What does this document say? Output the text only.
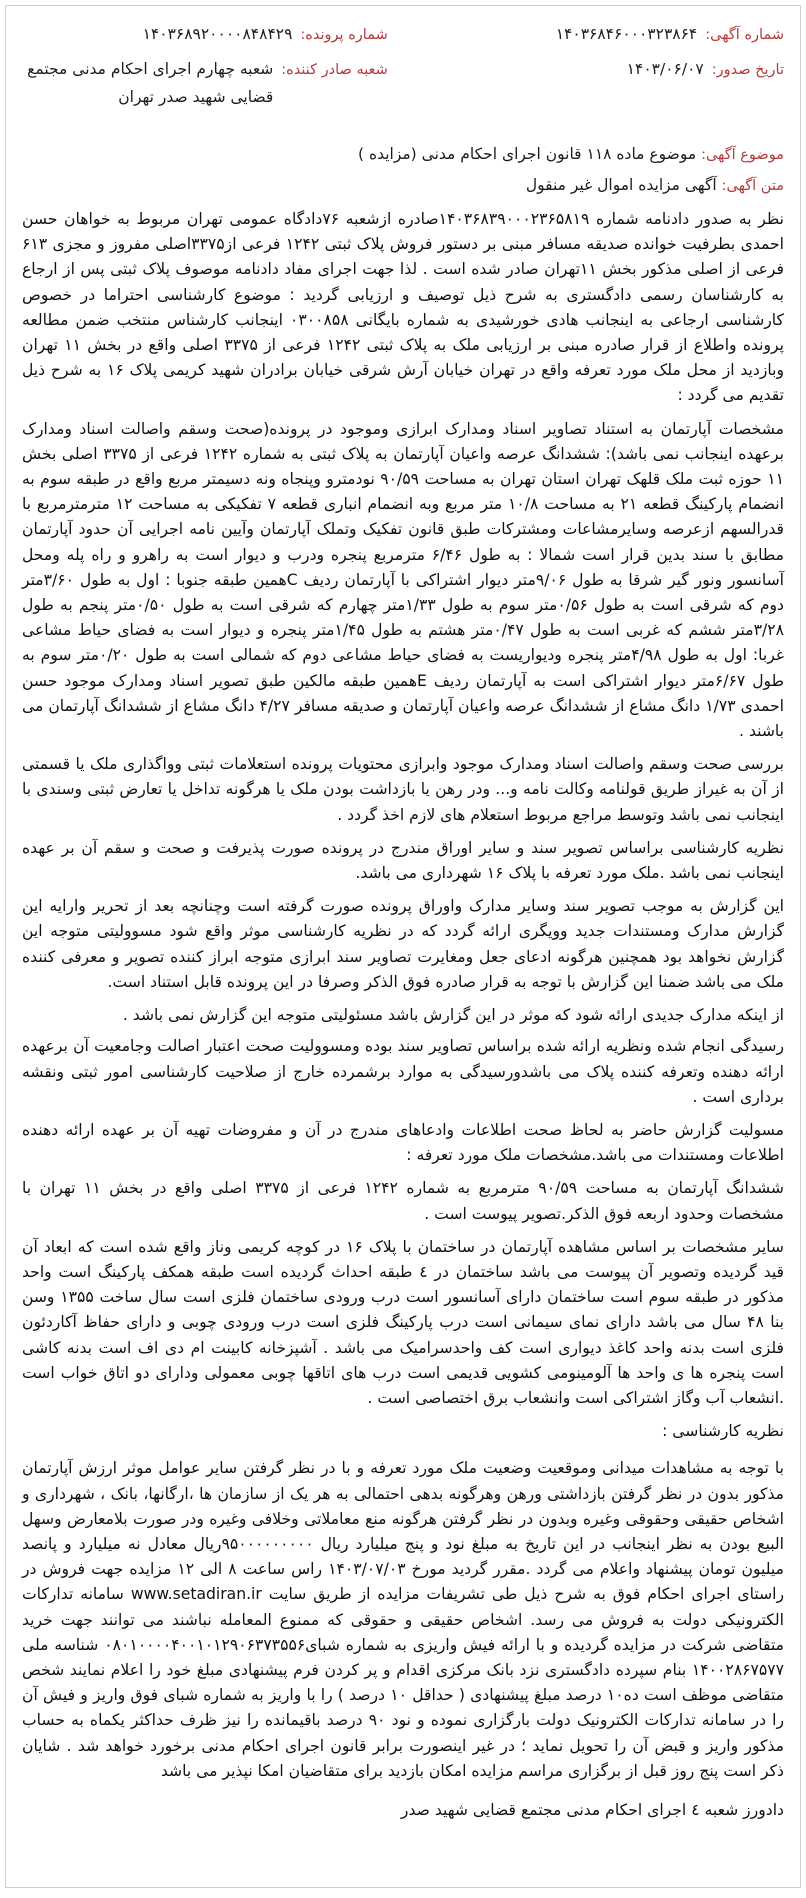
شماره آگهی:
۱۴۰۳۶۸۴۶۰۰۰۳۲۳۸۶۴
تاریخ صدور:
۱۴۰۳/۰۶/۰۷
شماره پرونده:
۱۴۰۳۶۸۹۲۰۰۰۰۸۴۸۴۲۹
شعبه صادر کننده:
شعبه چهارم اجرای احکام مدنی مجتمع قضایی شهید صدر تهران
موضوع آگهی: موضوع ماده ۱۱۸ قانون اجرای احکام مدنی (مزایده )
متن آگهی: آگهی مزایده اموال غیر منقول

نظر به صدور دادنامه شماره ۱۴۰۳۶۸۳۹۰۰۰۲۳۶۵۸۱۹صادره ازشعبه ۷۶دادگاه عمومی تهران مربوط به خواهان حسن احمدی بطرفیت خوانده صدیقه مسافر مبنی بر دستور فروش پلاک ثبتی ۱۲۴۲ فرعی از۳۳۷۵اصلی مفروز و مجزی ۶۱۳ فرعی از اصلی مذکور بخش ۱۱تهران صادر شده است . لذا جهت اجرای مفاد دادنامه موصوف پلاک ثبتی پس از ارجاع به کارشناسان رسمی دادگستری به شرح ذیل توصیف و ارزیابی گردید : موضوع کارشناسی احتراما در خصوص کارشناسی ارجاعی به اینجانب هادی خورشیدی به شماره بایگانی ۰۳۰۰۸۵۸ اینجانب کارشناس منتخب ضمن مطالعه پرونده واطلاع از قرار صادره مبنی بر ارزیابی ملک به پلاک ثبتی ۱۲۴۲ فرعی از ۳۳۷۵ اصلی واقع در بخش ۱۱ تهران وبازدید از محل ملک مورد تعرفه واقع در تهران خیابان آرش شرقی خیابان برادران شهید کریمی پلاک ۱۶ به شرح ذیل تقدیم می گردد :

مشخصات آپارتمان به استناد تصاویر اسناد ومدارک ابرازی وموجود در پرونده(صحت وسقم واصالت اسناد ومدارک برعهده اینجانب نمی باشد): ششدانگ عرصه واعیان آپارتمان به پلاک ثبتی به شماره ۱۲۴۲ فرعی از ۳۳۷۵ اصلی بخش ۱۱ حوزه ثبت ملک قلهک تهران استان تهران به مساحت ۹۰/۵۹ نودمترو وپنجاه ونه دسیمتر مربع واقع در طبقه سوم به انضمام پارکینگ قطعه ۲۱ به مساحت ۱۰/۸ متر مربع وبه انضمام انباری قطعه ۷ تفکیکی به مساحت ۱۲ مترمترمربع با قدرالسهم ازعرصه وسایرمشاعات ومشترکات طبق قانون تفکیک وتملک آپارتمان وآیین نامه اجرایی آن حدود آپارتمان مطابق با سند بدین قرار است شمالا : به طول ۶/۴۶ مترمربع پنجره ودرب و دیوار است به راهرو و راه پله ومحل آسانسور ونور گیر شرقا به طول ۹/۰۶متر دیوار اشتراکی با آپارتمان ردیف Cهمین طبقه جنوبا : اول به طول ۳/۶۰متر دوم که شرقی است به طول ۰/۵۶متر سوم به طول ۱/۳۳متر چهارم که شرقی است به طول ۰/۵۰متر پنجم به طول ۳/۲۸متر ششم که غربی است به طول ۰/۴۷متر هشتم به طول ۱/۴۵متر پنجره و دیوار است به فضای حیاط مشاعی غربا: اول به طول ۴/۹۸متر پنجره ودیواریست به فضای حیاط مشاعی دوم که شمالی است به طول ۰/۲۰متر سوم به طول ۶/۶۷متر دیوار اشتراکی است به آپارتمان ردیف Eهمین طبقه مالکین طبق تصویر اسناد ومدارک موجود حسن احمدی ۱/۷۳ دانگ مشاع از ششدانگ عرصه واعیان آپارتمان و صدیقه مسافر ۴/۲۷ دانگ مشاع از ششدانگ آپارتمان می باشند .

بررسی صحت وسقم واصالت اسناد ومدارک موجود وابرازی محتویات پرونده استعلامات ثبتی وواگذاری ملک یا قسمتی از آن به غیراز طریق قولنامه وکالت نامه و... ودر رهن یا بازداشت بودن ملک یا هرگونه تداخل یا تعارض ثبتی وسندی با اینجانب نمی باشد وتوسط مراجع مربوط استعلام های لازم اخذ گردد .

نظریه کارشناسی براساس تصویر سند و سایر اوراق مندرج در پرونده صورت پذیرفت و صحت و سقم آن بر عهده اینجانب نمی باشد .ملک مورد تعرفه با پلاک ۱۶ شهرداری می باشد.

این گزارش به موجب تصویر سند وسایر مدارک واوراق پرونده صورت گرفته است وچنانچه بعد از تحریر وارایه این گزارش مدارک ومستندات جدید وویگری ارائه گردد که در نظریه کارشناسی موثر واقع شود مسوولیتی متوجه این گزارش نخواهد بود همچنین هرگونه ادعای جعل ومغایرت تصاویر سند ابرازی متوجه ابراز کننده تصویر و معرفی کننده ملک می باشد ضمنا این گزارش با توجه به قرار صادره فوق الذکر وصرفا در این پرونده قابل استناد است.

از اینکه مدارک جدیدی ارائه شود که موثر در این گزارش باشد مسئولیتی متوجه این گزارش نمی باشد .

رسیدگی انجام شده ونظریه ارائه شده براساس تصاویر سند بوده ومسوولیت صحت اعتبار اصالت وجامعیت آن برعهده ارائه دهنده وتعرفه کننده پلاک می باشدورسیدگی به موارد برشمرده خارج از صلاحیت کارشناسی امور ثبتی ونقشه برداری است .

مسولیت گزارش حاضر به لحاظ صحت اطلاعات وادعاهای مندرج در آن و مفروضات تهیه آن بر عهده ارائه دهنده اطلاعات ومستندات می باشد.مشخصات ملک مورد تعرفه :

ششدانگ آپارتمان به مساحت ۹۰/۵۹ مترمربع به شماره ۱۲۴۲ فرعی از ۳۳۷۵ اصلی واقع در بخش ۱۱ تهران با مشخصات وحدود اربعه فوق الذکر.تصویر پیوست است .

سایر مشخصات بر اساس مشاهده آپارتمان در ساختمان با پلاک ۱۶ در کوچه کریمی وناز واقع شده است که ابعاد آن قید گردیده وتصویر آن پیوست می باشد ساختمان در ٤ طبقه احداث گردیده است طبقه همکف پارکینگ است واحد مذکور در طبقه سوم است ساختمان دارای آسانسور است درب ورودی ساختمان فلزی است سال ساخت ۱۳۵۵ وسن بنا ۴۸ سال می باشد دارای نمای سیمانی است درب پارکینگ فلزی است درب ورودی چوبی و دارای حفاظ آکاردئون فلزی است بدنه واحد کاغذ دیواری است کف واحدسرامیک می باشد . آشپزخانه کابینت ام دی اف است بدنه کاشی است پنجره ها ی واحد ها آلومینومی کشویی قدیمی است درب های اتاقها چوبی معمولی ودارای دو اتاق خواب است .انشعاب آب وگاز اشتراکی است وانشعاب برق اختصاصی است .

نظریه کارشناسی :

با توجه به مشاهدات میدانی وموقعیت وضعیت ملک مورد تعرفه و با در نظر گرفتن سایر عوامل موثر ارزش آپارتمان مذکور بدون در نظر گرفتن بازداشتی ورهن وهرگونه بدهی احتمالی به هر یک از سازمان ها ،ارگانها، بانک ، شهرداری و اشخاص حقیقی وحقوقی وغیره وبدون در نظر گرفتن هرگونه منع معاملاتی وخلافی وغیره ودر صورت بلامعارض وسهل البیع بودن به نظر اینجانب در این تاریخ به مبلغ نود و پنج میلیارد ریال ۹۵۰۰۰۰۰۰۰۰۰ریال معادل نه میلیارد و پانصد میلیون تومان پیشنهاد واعلام می گردد .مقرر گردید مورخ ۱۴۰۳/۰۷/۰۳ راس ساعت ۸ الی ۱۲ مزایده جهت فروش در راستای اجرای احکام فوق به شرح ذیل طی تشریفات مزایده از طریق سایت www.setadiran.ir سامانه تدارکات الکترونیکی دولت به فروش می رسد. اشخاص حقیقی و حقوقی که ممنوع المعامله نباشند می توانند جهت خرید متقاضی شرکت در مزایده گردیده و با ارائه فیش واریزی به شماره شبای۰۸۰۱۰۰۰۰۴۰۰۱۰۱۲۹۰۶۳۷۳۵۵۶ شناسه ملی ۱۴۰۰۲۸۶۷۵۷۷ بنام سپرده دادگستری نزد بانک مرکزی اقدام و پر کردن فرم پیشنهادی مبلغ خود را اعلام نمایند شخص متقاضی موظف است ده۱۰ درصد مبلغ پیشنهادی ( حداقل ۱۰ درصد ) را با واریز به شماره شبای فوق واریز و فیش آن را در سامانه تدارکات الکترونیک دولت بارگزاری نموده و نود ۹۰ درصد باقیمانده را نیز ظرف حداکثر یکماه به حساب مذکور واریز و قبض آن را تحویل نماید ؛ در غیر اینصورت برابر قانون اجرای احکام مدنی برخورد خواهد شد . شایان ذکر است پنج روز قبل از برگزاری مراسم مزایده امکان بازدید برای متقاضیان امکا نپذیر می باشد

دادورز شعبه ٤ اجرای احکام مدنی مجتمع قضایی شهید صدر
